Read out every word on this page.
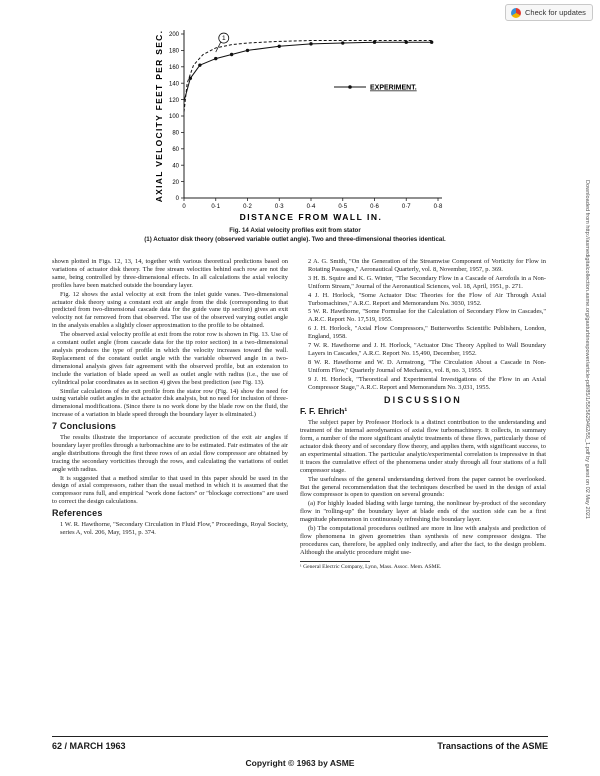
Check for updates
Downloaded from http://asmedigitalcollection.asme.org/gasturbinespower/article-pdf/85/1/55/5629462/55_1.pdf by guest on 02 May 2021
0
20
40
60
80
100
120
140
160
180
200
0	0·1	0·2	0·3	0·4	0·5	0·6	0·7	0·8
DISTANCE FROM WALL IN.
AXIAL VELOCITY FEET PER SEC.	EXPERIMENT.
1
Fig. 14 Axial velocity profiles exit from stator
(1) Actuator disk theory (observed variable outlet angle). Two and three-dimensional theories identical.

shown plotted in Figs. 12, 13, 14, together with various theoretical predictions based on variations of actuator disk theory. The free stream velocities behind each row are not the same, being controlled by three-dimensional effects. In all calculations the axial velocity profiles have been matched outside the boundary layer.

Fig. 12 shows the axial velocity at exit from the inlet guide vanes. Two-dimensional actuator disk theory using a constant exit air angle from the disk (corresponding to that predicted from two-dimensional cascade data for the guide vane tip section) gives an exit velocity not far removed from that observed. The use of the observed varying outlet angle in the analysis enables a slightly closer approximation to the profile to be obtained.

The observed axial velocity profile at exit from the rotor row is shown in Fig. 13. Use of a constant outlet angle (from cascade data for the tip rotor section) in a two-dimensional analysis produces the type of profile in which the velocity increases toward the wall. Replacement of the constant outlet angle with the variable observed angle in a two-dimensional analysis gives fair agreement with the observed profile, but an extension to include the variation of blade speed as well as outlet angle with radius (i.e., the use of cylindrical polar coordinates as in section 4) gives the best prediction (see Fig. 13).

Similar calculations of the exit profile from the stator row (Fig. 14) show the need for using variable outlet angles in the actuator disk analysis, but no need for inclusion of three-dimensional modifications. (Since there is no work done by the blade row on the fluid, the increase of a variation in blade speed through the boundary layer is eliminated.)

7 Conclusions

The results illustrate the importance of accurate prediction of the exit air angles if boundary layer profiles through a turbomachine are to be estimated. Fair estimates of the air angle distributions through the first three rows of an axial flow compressor are obtained by tracing the secondary vorticities through the rows, and calculating the variations of outlet angle with radius.

It is suggested that a method similar to that used in this paper should be used in the design of axial compressors, rather than the usual method in which it is assumed that the compressor runs full, and empirical "work done factors" or "blockage corrections" are used to correct the design calculations.

References

1 W. R. Hawthorne, "Secondary Circulation in Fluid Flow," Proceedings, Royal Society, series A, vol. 206, May, 1951, p. 374.

2 A. G. Smith, "On the Generation of the Streamwise Component of Vorticity for Flow in Rotating Passages," Aeronautical Quarterly, vol. 8, November, 1957, p. 369.

3 H. B. Squire and K. G. Winter, "The Secondary Flow in a Cascade of Aerofoils in a Non-Uniform Stream," Journal of the Aeronautical Sciences, vol. 18, April, 1951, p. 271.

4 J. H. Horlock, "Some Actuator Disc Theories for the Flow of Air Through Axial Turbomachines," A.R.C. Report and Memorandum No. 3030, 1952.

5 W. R. Hawthorne, "Some Formulae for the Calculation of Secondary Flow in Cascades," A.R.C. Report No. 17,519, 1955.

6 J. H. Horlock, "Axial Flow Compressors," Butterworths Scientific Publishers, London, England, 1958.

7 W. R. Hawthorne and J. H. Horlock, "Actuator Disc Theory Applied to Wall Boundary Layers in Cascades," A.R.C. Report No. 15,490, December, 1952.

8 W. R. Hawthorne and W. D. Armstrong, "The Circulation About a Cascade in Non-Uniform Flow," Quarterly Journal of Mechanics, vol. 8, no. 3, 1955.

9 J. H. Horlock, "Theoretical and Experimental Investigations of the Flow in an Axial Compressor Stage," A.R.C. Report and Memorandum No. 3,031, 1955.

DISCUSSION
F. F. Ehrich¹

The subject paper by Professor Horlock is a distinct contribution to the understanding and treatment of the internal aerodynamics of axial flow turbomachinery. It collects, in summary form, a number of the more significant analytic treatments of these flows, particularly those of actuator disk theory and of secondary flow theory, and applies them, with significant success, to an experimental situation. The particular analytic/experimental correlation is impressive in that it traces the cumulative effect of the phenomena under study through all four stations of a full compressor stage.

The usefulness of the general understanding derived from the paper cannot be overlooked. But the general recommendation that the techniques described be used in the design of axial flow compressor is open to question on several grounds:

(a) For highly loaded blading with large turning, the nonlinear by-product of the secondary flow in "rolling-up" the boundary layer at blade ends of the suction side can be a first magnitude phenomenon in continuously refreshing the boundary layer.

(b) The computational procedures outlined are more in line with analysis and prediction of flow phenomena in given geometries than synthesis of new compressor designs. The procedures can, therefore, be applied only indirectly, and after the fact, to the design problem. Although the analytic procedure might use-

¹ General Electric Company, Lynn, Mass. Assoc. Mem. ASME.
62 / MARCH 1963	Transactions of the ASME
Copyright © 1963 by ASME
